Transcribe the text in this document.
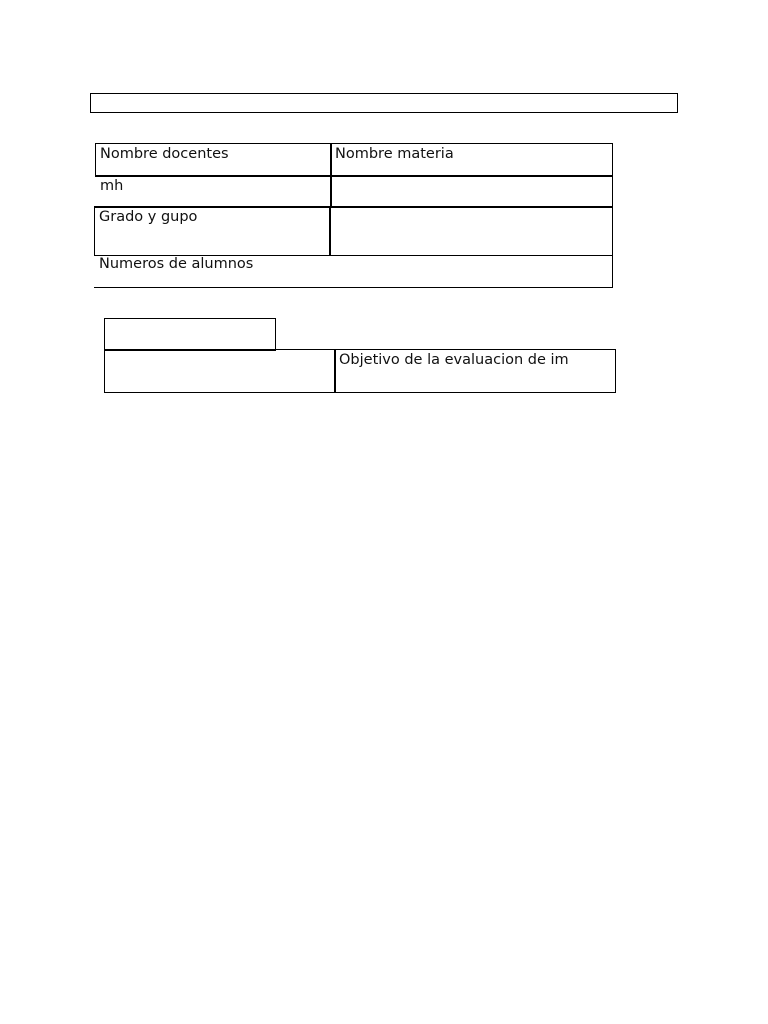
Nombre docentes	Nombre materia
mh
Grado y gupo
Numeros de alumnos
Objetivo de la evaluacion de im
